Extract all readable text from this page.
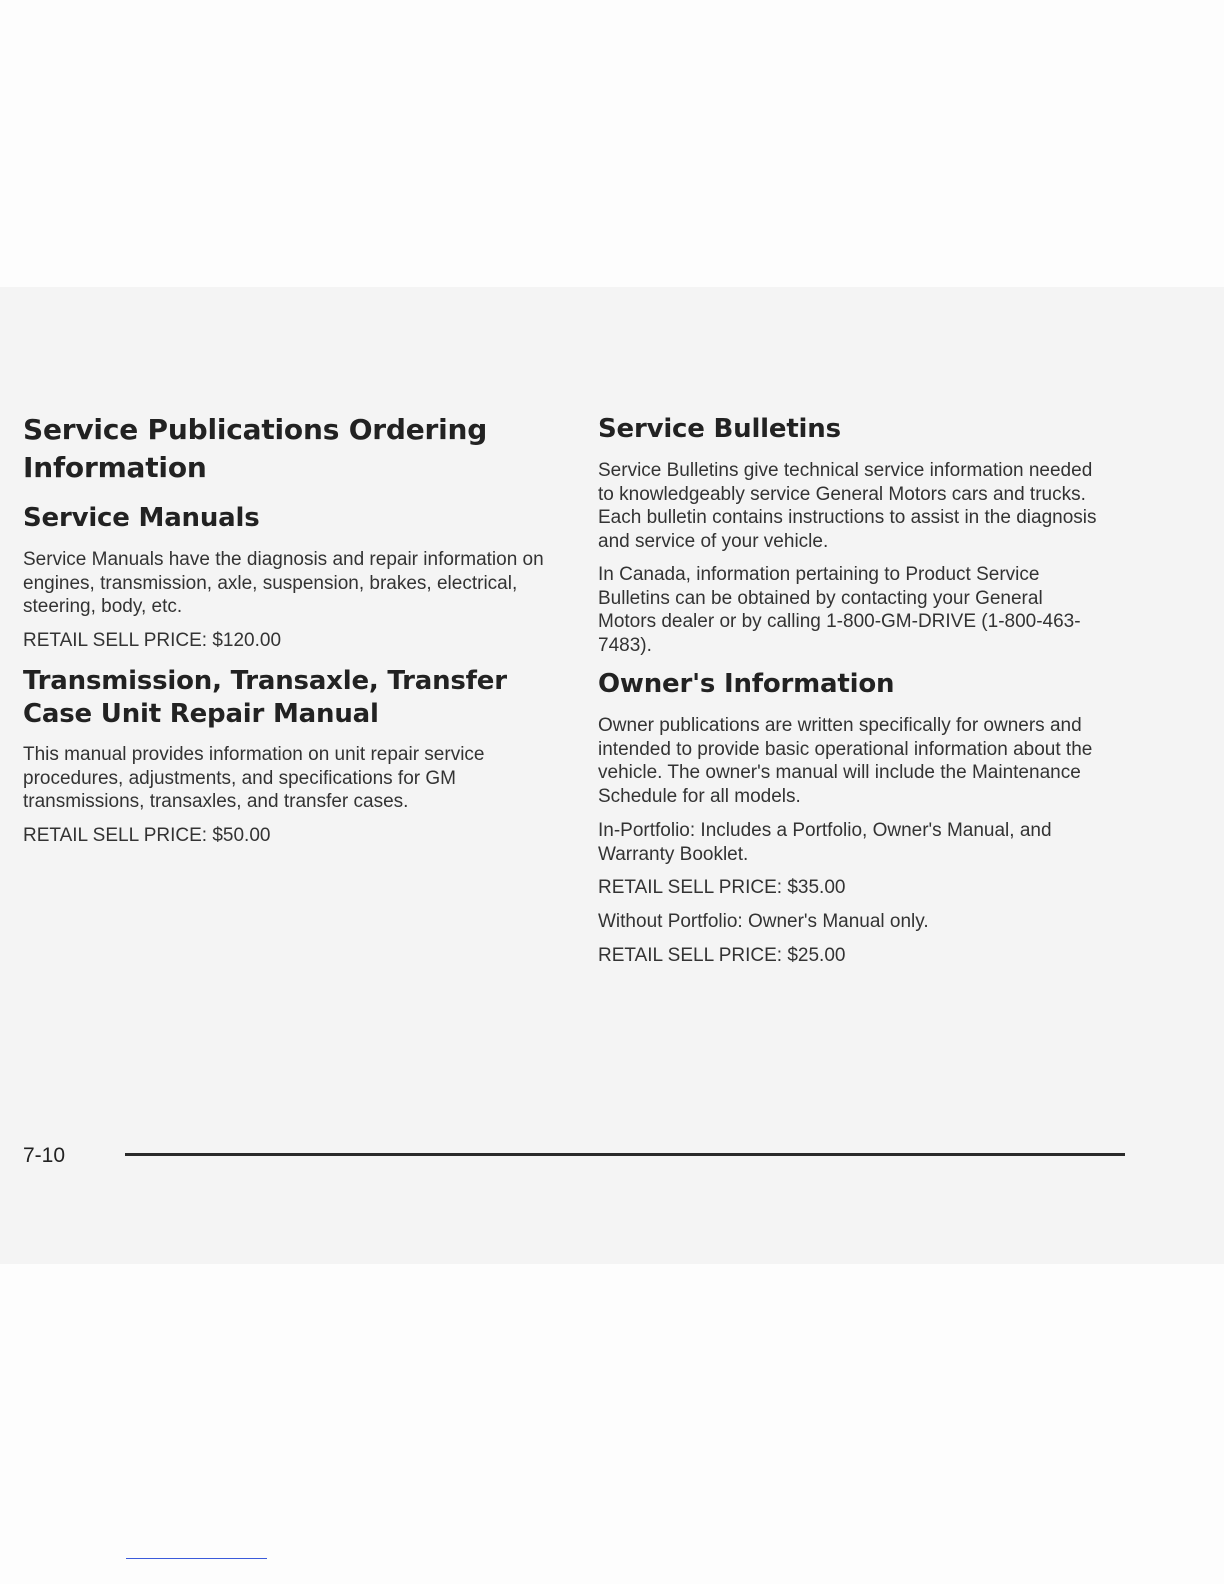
Service Publications Ordering Information
Service Manuals

Service Manuals have the diagnosis and repair information on engines, transmission, axle, suspension, brakes, electrical, steering, body, etc.

RETAIL SELL PRICE: $120.00

Transmission, Transaxle, Transfer Case Unit Repair Manual

This manual provides information on unit repair service procedures, adjustments, and specifications for GM transmissions, transaxles, and transfer cases.

RETAIL SELL PRICE: $50.00

Service Bulletins

Service Bulletins give technical service information needed to knowledgeably service General Motors cars and trucks. Each bulletin contains instructions to assist in the diagnosis and service of your vehicle.

In Canada, information pertaining to Product Service Bulletins can be obtained by contacting your General Motors dealer or by calling 1-800-GM-DRIVE (1-800-463-7483).

Owner's Information

Owner publications are written specifically for owners and intended to provide basic operational information about the vehicle. The owner's manual will include the Maintenance Schedule for all models.

In-Portfolio: Includes a Portfolio, Owner's Manual, and Warranty Booklet.

RETAIL SELL PRICE: $35.00

Without Portfolio: Owner's Manual only.

RETAIL SELL PRICE: $25.00

7-10
